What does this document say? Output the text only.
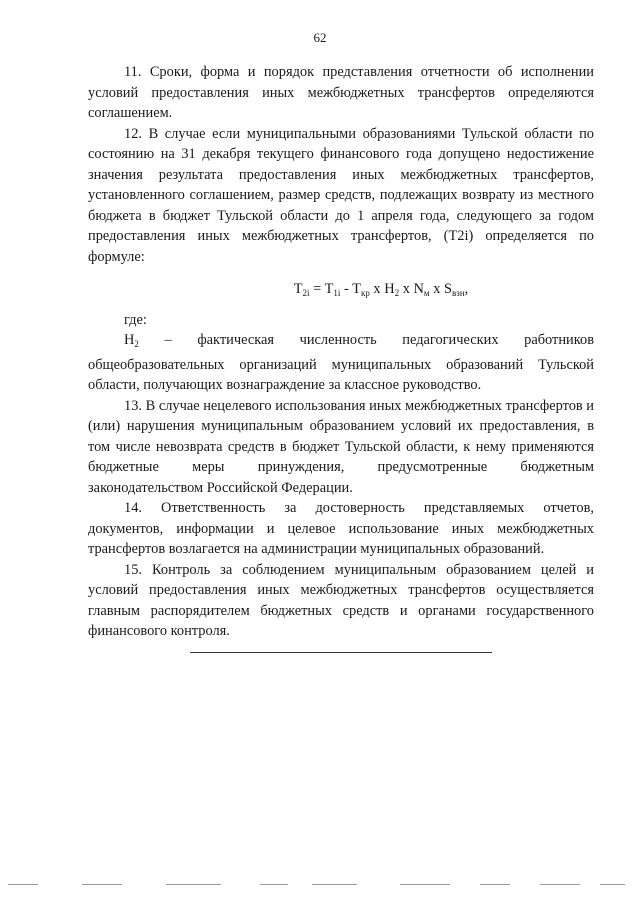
62

11. Сроки, форма и порядок представления отчетности об исполнении условий предоставления иных межбюджетных трансфертов определяются соглашением.

12. В случае если муниципальными образованиями Тульской области по состоянию на 31 декабря текущего финансового года допущено недостижение значения результата предоставления иных межбюджетных трансфертов, установленного соглашением, размер средств, подлежащих возврату из местного бюджета в бюджет Тульской области до 1 апреля года, следующего за годом предоставления иных межбюджетных трансфертов, (Т2i) определяется по формуле:

$T_{2i} = T_{1i} - T_{кр}$ x $H_2$ x $N_м$ x $S_{взн}$,

где:

$H_2$ – фактическая численность педагогических работников общеобразовательных организаций муниципальных образований Тульской области, получающих вознаграждение за классное руководство.

13. В случае нецелевого использования иных межбюджетных трансфертов и (или) нарушения муниципальным образованием условий их предоставления, в том числе невозврата средств в бюджет Тульской области, к нему применяются бюджетные меры принуждения, предусмотренные бюджетным законодательством Российской Федерации.

14. Ответственность за достоверность представляемых отчетов, документов, информации и целевое использование иных межбюджетных трансфертов возлагается на администрации муниципальных образований.

15. Контроль за соблюдением муниципальным образованием целей и условий предоставления иных межбюджетных трансфертов осуществляется главным распорядителем бюджетных средств и органами государственного финансового контроля.
